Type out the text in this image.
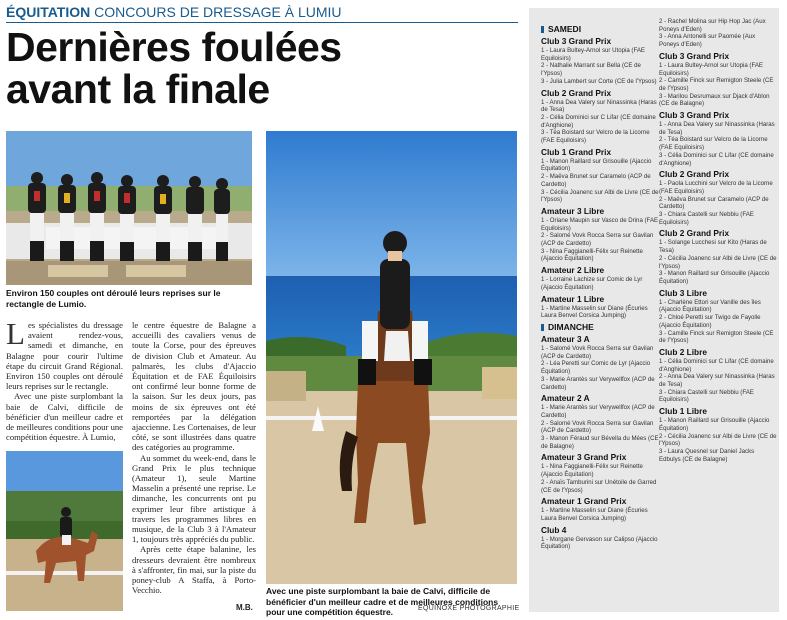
ÉQUITATION CONCOURS DE DRESSAGE À LUMIU
Dernières foulées
avant la finale
Environ 150 couples ont déroulé leurs reprises sur le rectangle de Lumio.

Les spécialistes du dressage avaient rendez-vous, samedi et dimanche, en Balagne pour courir l'ultime étape du circuit Grand Régional. Environ 150 couples ont déroulé leurs reprises sur le rectangle.

Avec une piste surplombant la baie de Calvi, difficile de bénéficier d'un meilleur cadre et de meilleures conditions pour une compétition équestre. À Lumio,

le centre équestre de Balagne a accueilli des cavaliers venus de toute la Corse, pour des épreuves de division Club et Amateur. Au palmarès, les clubs d'Ajaccio Équitation et de FAE Équiloisirs ont confirmé leur bonne forme de la saison. Sur les deux jours, pas moins de six épreuves ont été remportées par la délégation ajaccienne. Les Cortenaises, de leur côté, se sont illustrées dans quatre des catégories au programme.

Au sommet du week-end, dans le Grand Prix le plus technique (Amateur 1), seule Martine Masselin a présenté une reprise. Le dimanche, les concurrents ont pu exprimer leur fibre artistique à travers les programmes libres en musique, de la Club 3 à l'Amateur 1, toujours très appréciés du public.

Après cette étape balanine, les dresseurs devraient être nombreux à s'affronter, fin mai, sur la piste du poney-club A Staffa, à Porto-Vecchio.

M.B.
Avec une piste surplombant la baie de Calvi, difficile de bénéficier d'un meilleur cadre et de meilleures conditions pour une compétition équestre.	EQUINOXE PHOTOGRAPHIE
SAMEDI
Club 3 Grand Prix
1 - Laura Bultey-Arnol sur Utopia (FAE Equiloisirs)
2 - Nathalie Marrant sur Bella (CE de l'Ypsos)
3 - Julia Lambert sur Corte (CE de l'Ypsos)
Club 2 Grand Prix
1 - Anna Dea Valery sur Ninassinka (Haras de Tesa)
2 - Célia Dominici sur C Lifar (CE domaine d'Anghione)
3 - Téa Boistard sur Velcro de la Licorne (FAE Equiloisirs)
Club 1 Grand Prix
1 - Manon Raillard sur Grisouille (Ajaccio Équitation)
2 - Maëva Brunet sur Caramelo (ACP de Cardetto)
3 - Cécilia Joanenc sur Albi de Livre (CE de l'Ypsos)
Amateur 3 Libre
1 - Oriane Maupin sur Vasco de Drina (FAE Equiloisirs)
2 - Salomé Vovk Rocca Serra sur Gavilan (ACP de Cardetto)
3 - Nina Faggianelli-Félix sur Reinette (Ajaccio Équitation)
Amateur 2 Libre
1 - Lorraine Lachize sur Comic de Lyr (Ajaccio Équitation)
Amateur 1 Libre
1 - Martine Masselin sur Diane (Écuries Laura Benvel Corsica Jumping)
DIMANCHE
Amateur 3 A
1 - Salomé Vovk Rocca Serra sur Gavilan (ACP de Cardetto)
2 - Léa Peretti sur Comic de Lyr (Ajaccio Équitation)
3 - Marie Arantès sur Verywellfox (ACP de Cardetto)
Amateur 2 A
1 - Marie Arantès sur Verywellfox (ACP de Cardetto)
2 - Salomé Vovk Rocca Serra sur Gavilan (ACP de Cardetto)
3 - Manon Féraud sur Bévella du Mées (CE de Balagne)
Amateur 3 Grand Prix
1 - Nina Faggianelli-Félix sur Reinette (Ajaccio Équitation)
2 - Anaïs Tamburini sur Unétoile de Garred (CE de l'Ypsos)
Amateur 1 Grand Prix
1 - Martine Masselin sur Diane (Écuries Laura Benvel Corsica Jumping)
Club 4
1 - Morgane Gervason sur Calipso (Ajaccio Équitation)
2 - Rachel Molina sur Hip Hop Jac (Aux Poneys d'Eden)
3 - Anna Antonelli sur Paomée (Aux Poneys d'Eden)
Club 3 Grand Prix
1 - Laura Bultey-Arnol sur Utopia (FAE Equiloisirs)
2 - Camille Finck sur Remigton Steele (CE de l'Ypsos)
3 - Marilou Desrumaux sur Djack d'Ablon (CE de Balagne)
Club 3 Grand Prix
1 - Anna Dea Valery sur Ninassinka (Haras de Tesa)
2 - Téa Boistard sur Velcro de la Licorne (FAE Equiloisirs)
3 - Célia Dominici sur C Lifar (CE domaine d'Anghione)
Club 2 Grand Prix
1 - Paola Lucchini sur Velcro de la Licorne (FAE Equiloisirs)
2 - Maëva Brunet sur Caramelo (ACP de Cardetto)
3 - Chiara Castelli sur Nebbiu (FAE Equiloisirs)
Club 2 Grand Prix
1 - Solange Lucchesi sur Kito (Haras de Tesa)
2 - Cécilia Joanenc sur Albi de Livre (CE de l'Ypsos)
3 - Manon Raillard sur Grisouille (Ajaccio Équitation)
Club 3 Libre
1 - Charlène Ettori sur Vanille des îles (Ajaccio Équitation)
2 - Chloé Peretti sur Twigo de Fayolle (Ajaccio Équitation)
3 - Camille Finck sur Remigton Steele (CE de l'Ypsos)
Club 2 Libre
1 - Célia Dominici sur C Lifar (CE domaine d'Anghione)
2 - Anna Dea Valery sur Ninassinka (Haras de Tesa)
3 - Chiara Castelli sur Nebbiu (FAE Equiloisirs)
Club 1 Libre
1 - Manon Raillard sur Grisouille (Ajaccio Équitation)
2 - Cécilia Joanenc sur Albi de Livre (CE de l'Ypsos)
3 - Laura Quesnel sur Daniel Jacks Edbulys (CE de Balagne)
